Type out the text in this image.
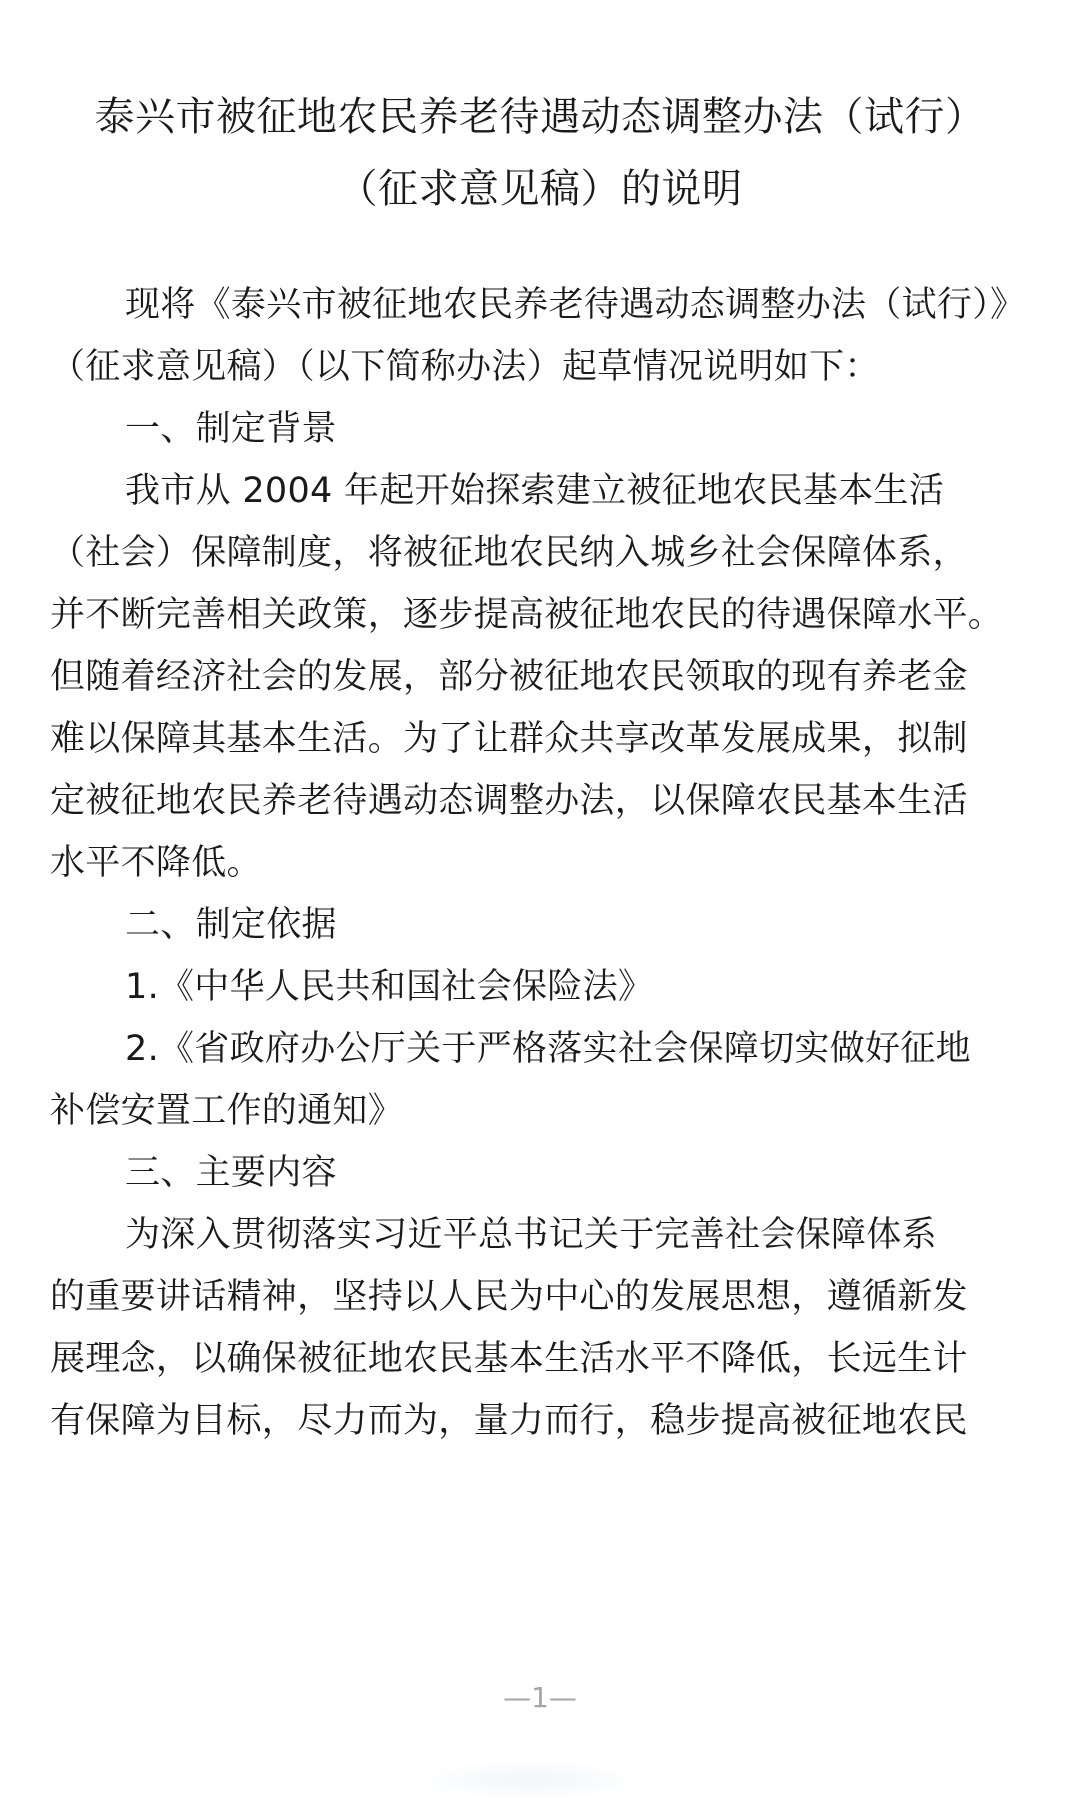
泰兴市被征地农民养老待遇动态调整办法（试行）
（征求意见稿）的说明
现将《泰兴市被征地农民养老待遇动态调整办法（试行）》
（征求意见稿）（以下简称办法）起草情况说明如下：
一、制定背景
我市从 2004 年起开始探索建立被征地农民基本生活
（社会）保障制度，将被征地农民纳入城乡社会保障体系，
并不断完善相关政策，逐步提高被征地农民的待遇保障水平。
但随着经济社会的发展，部分被征地农民领取的现有养老金
难以保障其基本生活。为了让群众共享改革发展成果，拟制
定被征地农民养老待遇动态调整办法，以保障农民基本生活
水平不降低。
二、制定依据
1.《中华人民共和国社会保险法》
2.《省政府办公厅关于严格落实社会保障切实做好征地
补偿安置工作的通知》
三、主要内容
为深入贯彻落实习近平总书记关于完善社会保障体系
的重要讲话精神，坚持以人民为中心的发展思想，遵循新发
展理念，以确保被征地农民基本生活水平不降低，长远生计
有保障为目标，尽力而为，量力而行，稳步提高被征地农民
—1—
